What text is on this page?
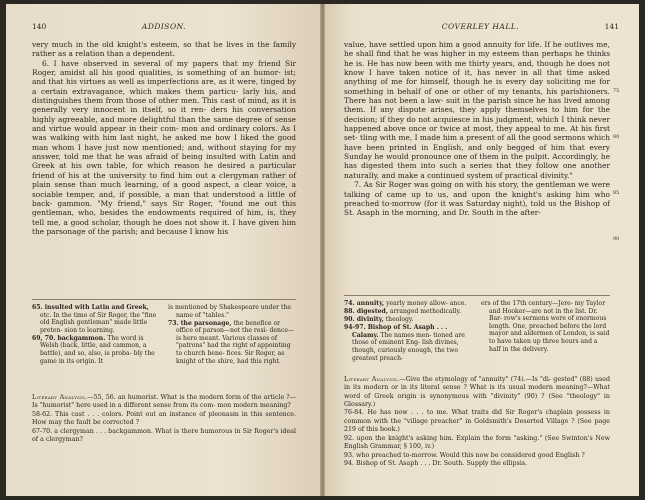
140	ADDISON.

very much in the old knight's esteem, so that he lives in the family rather as a relation than a dependent.

6. I have observed in several of my papers that my friend Sir Roger, amidst all his good qualities, is something of an humor- ist; and that his virtues as well as imperfections are, as it were, tinged by a certain extravagance, which makes them particu- larly his, and distinguishes them from those of other men. This cast of mind, as it is generally very innocent in itself, so it ren- ders his conversation highly agreeable, and more delightful than the same degree of sense and virtue would appear in their com- mon and ordinary colors. As I was walking with him last night, he asked me how I liked the good man whom I have just now mentioned; and, without staying for my answer, told me that he was afraid of being insulted with Latin and Greek at his own table, for which reason he desired a particular friend of his at the university to find him out a clergyman rather of plain sense than much learning, of a good aspect, a clear voice, a sociable temper, and, if possible, a man that understood a little of back- gammon. "My friend," says Sir Roger, "found me out this gentleman, who, besides the endowments required of him, is, they tell me, a good scholar, though he does not show it. I have given him the parsonage of the parish; and because I know his

65. insulted with Latin and Greek, etc. In the time of Sir Roger, the "fine old English gentleman" made little preten- sion to learning.
69, 70. backgammon. The word is Welsh (back, little, and cammon, a battle), and so, also, is proba- bly the game in its origin. It
is mentioned by Shakespeare under the name of "tables."
73. the parsonage, the benefice or office of parson—not the resi- dence—is here meant. Various classes of "patrons" had the right of appointing to church bene- fices. Sir Roger, as knight of the shire, had this right.

Literary Analysis.—55, 56. an humorist. What is the modern form of the article ?—Is "humorist" here used in a different sense from its com- mon modern meaning?

58-62. This cast . . . colors. Point out an instance of pleonasm in this sentence. How may the fault be corrected ?

67-70. a clergyman . . . backgammon. What is there humorous in Sir Roger's ideal of a clergyman?

COVERLEY HALL.	141

value, have settled upon him a good annuity for life. If he outlives me, he shall find that he was higher in my esteem than perhaps he thinks he is. He has now been with me thirty years, and, though he does not know I have taken notice of it, has never in all that time asked anything of me for himself, though he is every day soliciting me for something in behalf of one or other of my tenants, his parishioners. There has not been a law- suit in the parish since he has lived among them. If any dispute arises, they apply themselves to him for the decision; if they do not acquiesce in his judgment, which I think never happened above once or twice at most, they appeal to me. At his first set- tling with me, I made him a present of all the good sermons which have been printed in English, and only begged of him that every Sunday he would pronounce one of them in the pulpit. Accordingly, he has digested them into such a series that they follow one another naturally, and make a continued system of practical divinity."

7. As Sir Roger was going on with his story, the gentleman we were talking of came up to us, and upon the knight's asking him who preached to-morrow (for it was Saturday night), told us the Bishop of St. Asaph in the morning, and Dr. South in the after-

75
80
85
90
74. annuity, yearly money allow- ance.
88. digested, arranged methodically.
90. divinity, theology.
94-97. Bishop of St. Asaph . . . Calamy. The names men- tioned are those of eminent Eng- lish divines, though, curiously enough, the two greatest preach-
ers of the 17th century—Jere- my Taylor and Hooker—are not in the list. Dr. Bar- row's sermons were of enormous length. One, preached before the lord mayor and aldermen of London, is said to have taken up three hours and a half in the delivery.

Literary Analysis.—Give the etymology of "annuity" (74).—Is "di- gested" (88) used in its modern or in its literal sense ? What is its usual modern meaning?—What word of Greek origin is synonymous with "divinity" (90) ? (See "theology" in Glossary.)

76-84. He has now . . . to me. What traits did Sir Roger's chaplain possess in common with the "village preacher" in Goldsmith's Deserted Village ? (See page 219 of this book.)

92. upon the knight's asking him. Explain the form "asking." (See Swinton's New English Grammar, § 100, iv.)

93. who preached to-morrow. Would this now be considered good English ?

94. Bishop of St. Asaph . . . Dr. South. Supply the ellipsis.
